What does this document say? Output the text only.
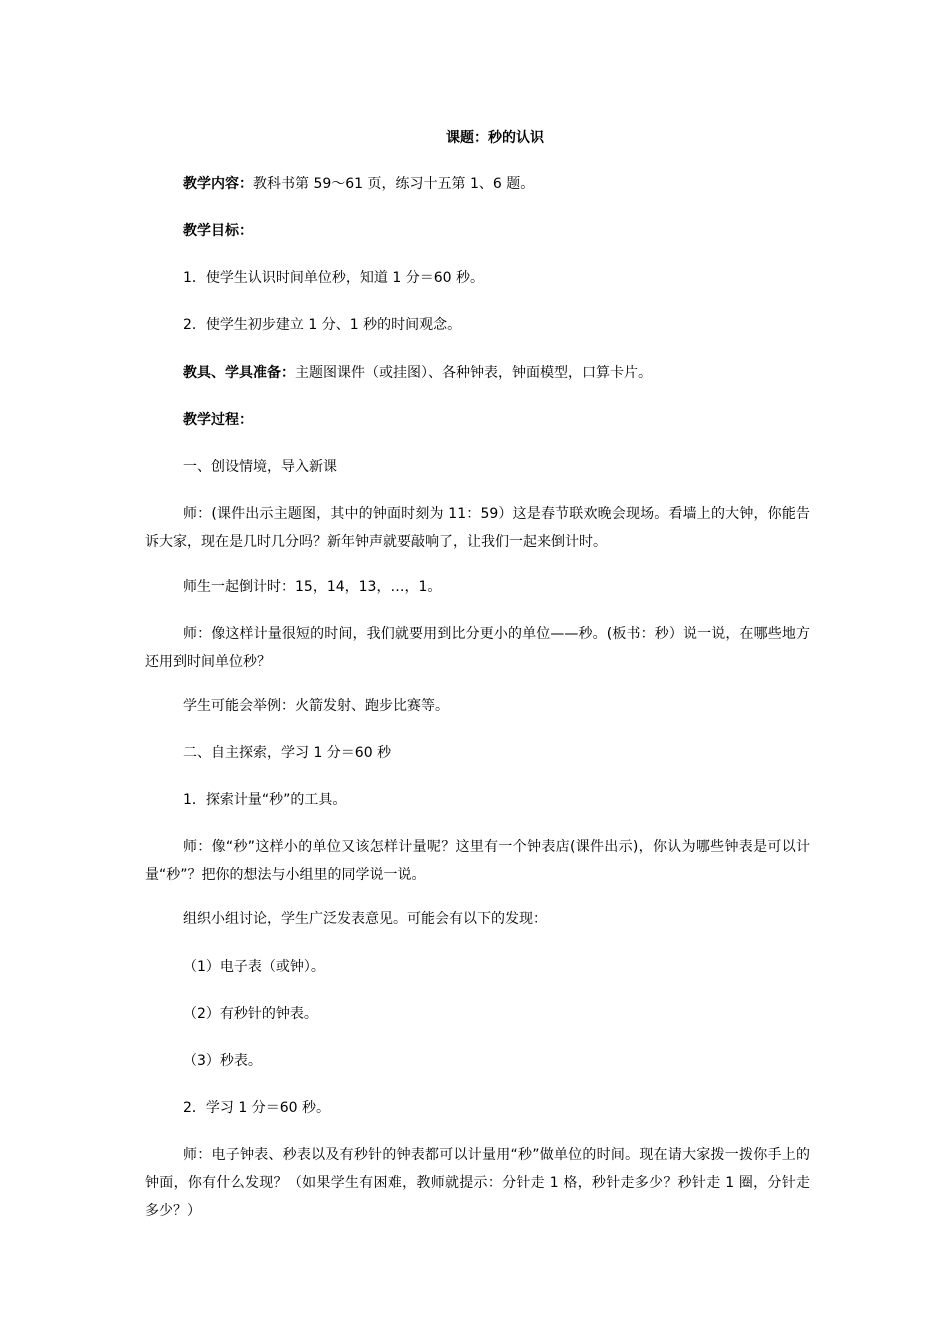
课题：秒的认识

教学内容：教科书第 59～61 页，练习十五第 1、6 题。

教学目标：

1．使学生认识时间单位秒，知道 1 分＝60 秒。

2．使学生初步建立 1 分、1 秒的时间观念。

教具、学具准备：主题图课件（或挂图）、各种钟表，钟面模型，口算卡片。

教学过程：

一、创设情境，导入新课

师：(课件出示主题图，其中的钟面时刻为 11：59）这是春节联欢晚会现场。看墙上的大钟，你能告诉大家，现在是几时几分吗？新年钟声就要敲响了，让我们一起来倒计时。

师生一起倒计时：15，14，13，…，1。

师：像这样计量很短的时间，我们就要用到比分更小的单位——秒。(板书：秒）说一说，在哪些地方还用到时间单位秒？

学生可能会举例：火箭发射、跑步比赛等。

二、自主探索，学习 1 分＝60 秒

1．探索计量“秒”的工具。

师：像“秒”这样小的单位又该怎样计量呢？这里有一个钟表店(课件出示)，你认为哪些钟表是可以计量“秒”？把你的想法与小组里的同学说一说。

组织小组讨论，学生广泛发表意见。可能会有以下的发现：

（1）电子表（或钟）。

（2）有秒针的钟表。

（3）秒表。

2．学习 1 分＝60 秒。

师：电子钟表、秒表以及有秒针的钟表都可以计量用“秒”做单位的时间。现在请大家拨一拨你手上的钟面，你有什么发现？（如果学生有困难，教师就提示：分针走 1 格，秒针走多少？秒针走 1 圈，分针走多少？）
